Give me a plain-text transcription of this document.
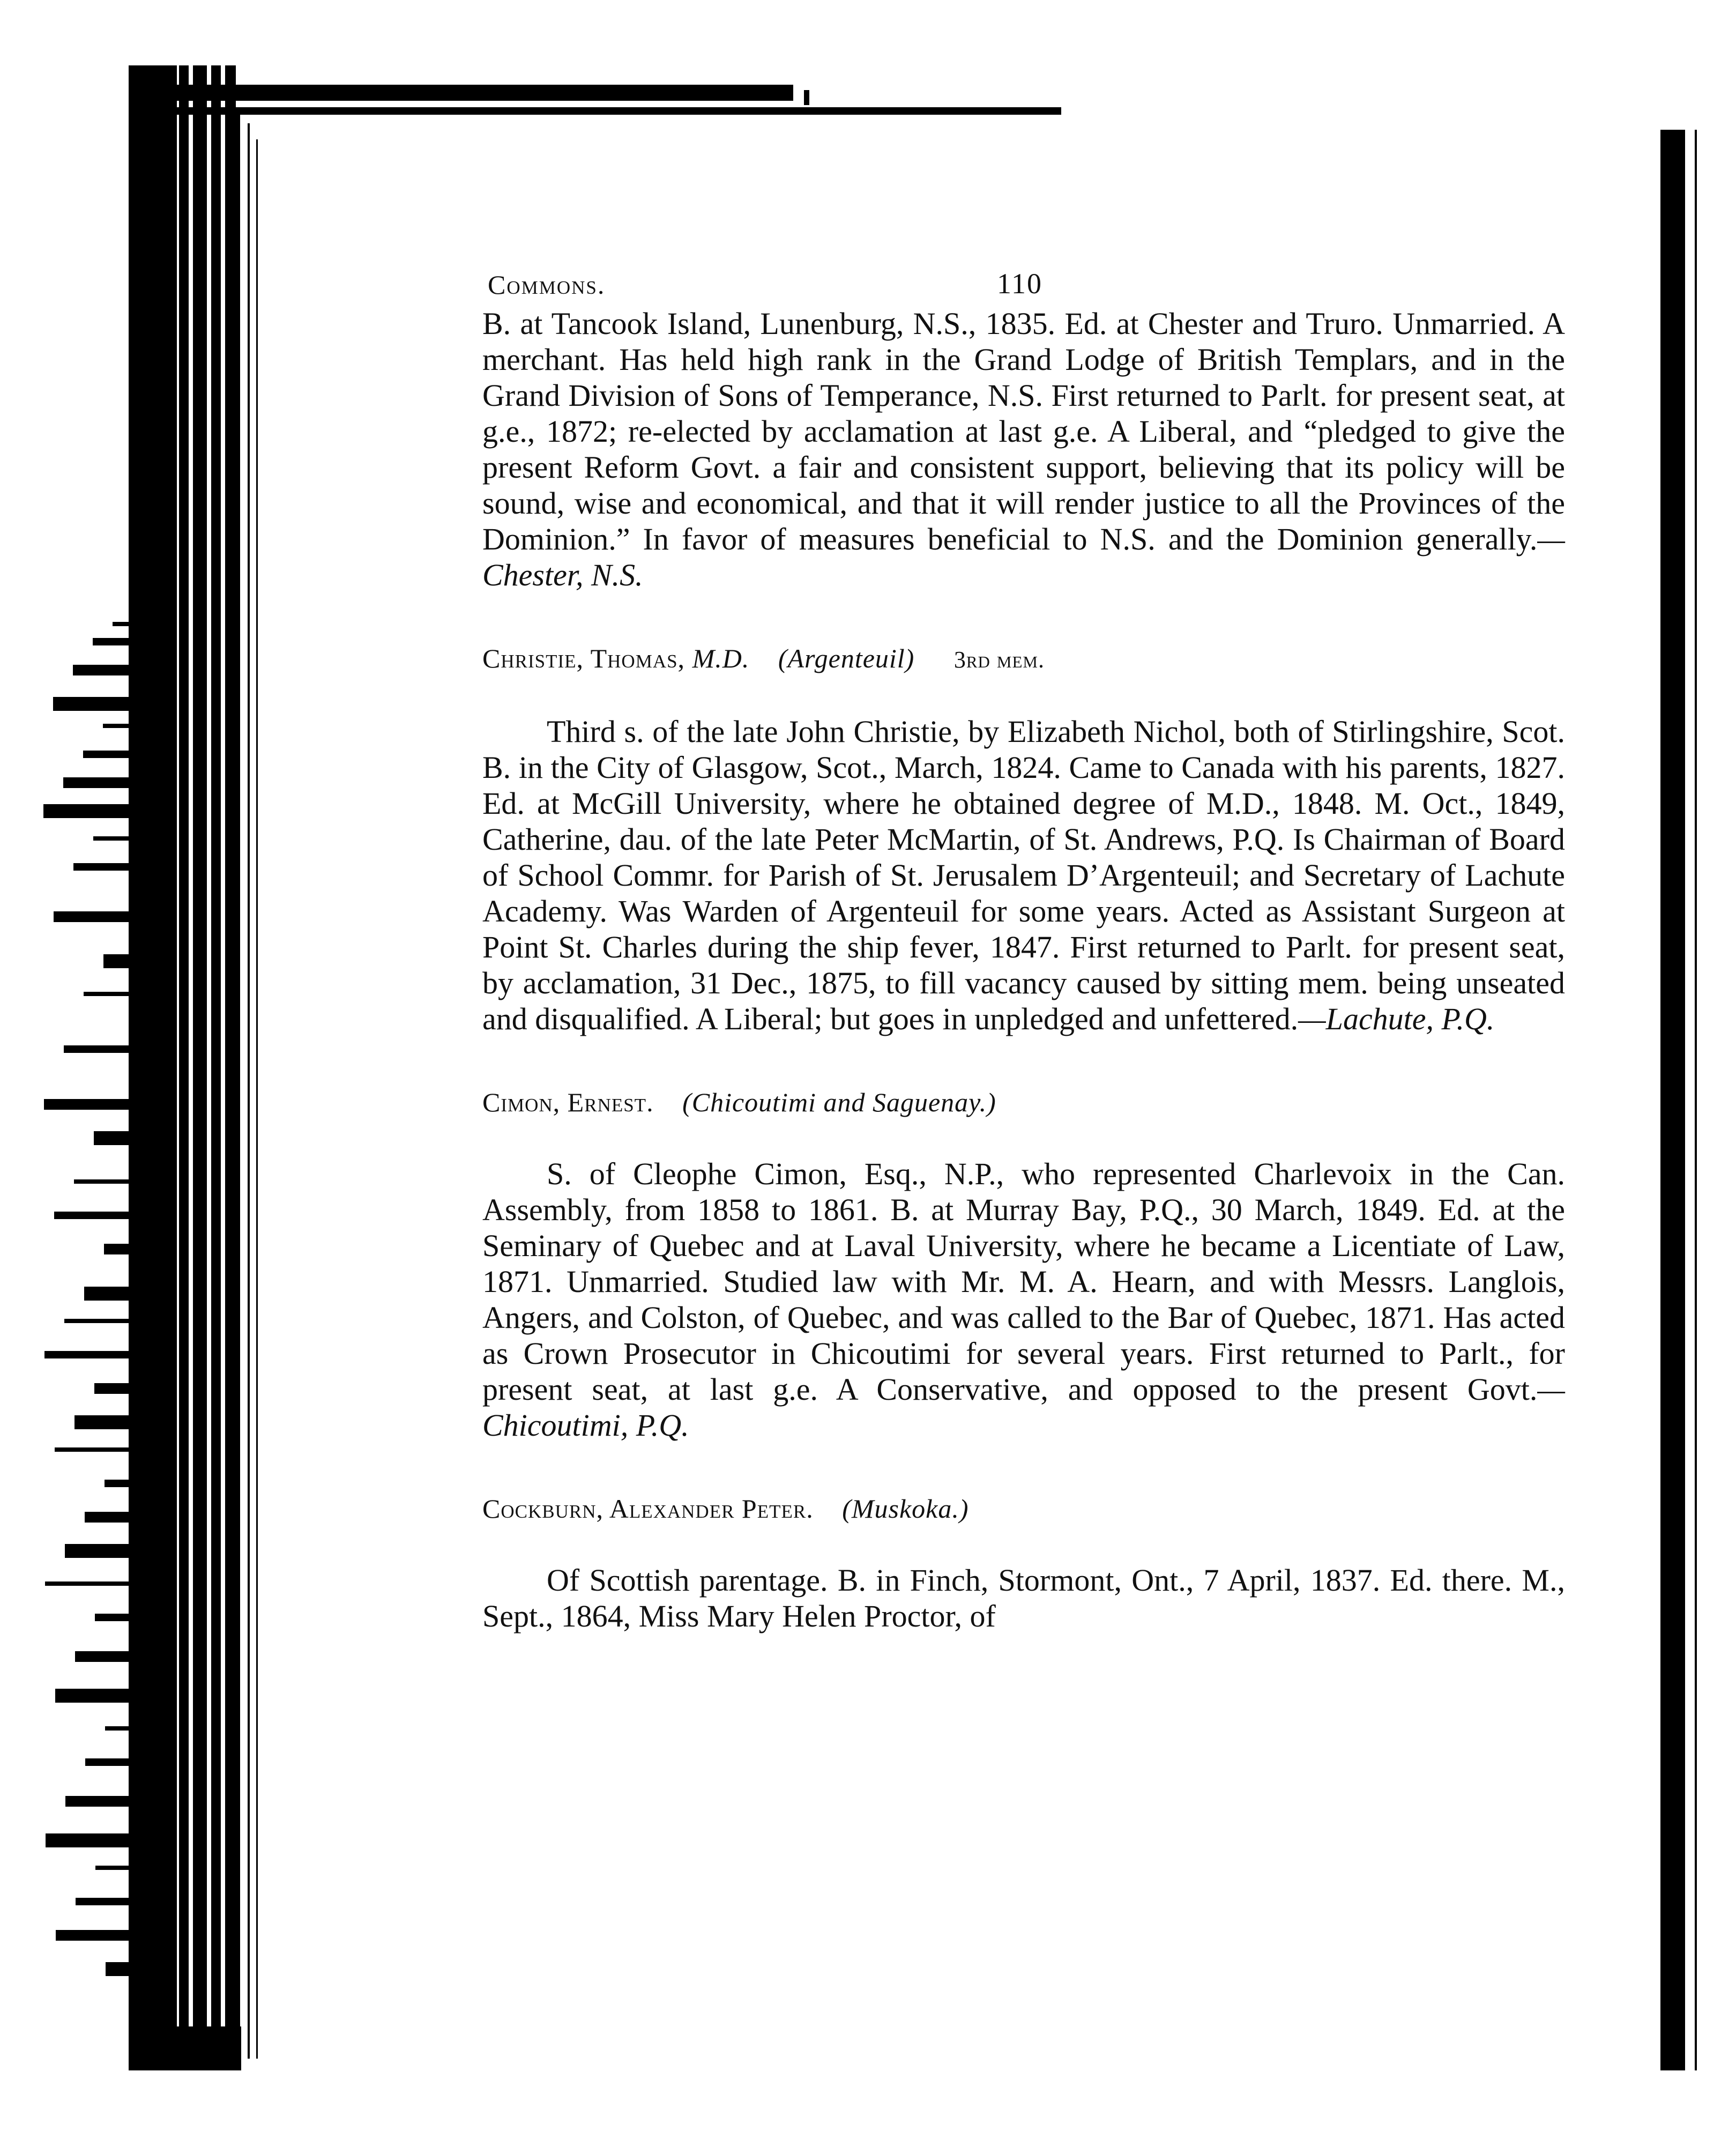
Commons.	110

B. at Tancook Island, Lunenburg, N.S., 1835. Ed. at Chester and Truro. Unmarried. A merchant. Has held high rank in the Grand Lodge of British Templars, and in the Grand Division of Sons of Temperance, N.S. First returned to Parlt. for present seat, at g.e., 1872; re-elected by acclamation at last g.e. A Liberal, and “pledged to give the present Reform Govt. a fair and consistent support, believing that its policy will be sound, wise and economical, and that it will render justice to all the Provinces of the Dominion.” In favor of measures beneficial to N.S. and the Dominion generally.—Chester, N.S.

Christie, Thomas, M.D. (Argenteuil) 3rd mem.

Third s. of the late John Christie, by Elizabeth Nichol, both of Stirlingshire, Scot. B. in the City of Glasgow, Scot., March, 1824. Came to Canada with his parents, 1827. Ed. at McGill University, where he obtained degree of M.D., 1848. M. Oct., 1849, Catherine, dau. of the late Peter McMartin, of St. Andrews, P.Q. Is Chairman of Board of School Commr. for Parish of St. Jerusalem D’Argenteuil; and Secretary of Lachute Academy. Was Warden of Argenteuil for some years. Acted as Assistant Surgeon at Point St. Charles during the ship fever, 1847. First returned to Parlt. for present seat, by acclamation, 31 Dec., 1875, to fill vacancy caused by sitting mem. being unseated and disqualified. A Liberal; but goes in unpledged and unfettered.—Lachute, P.Q.

Cimon, Ernest. (Chicoutimi and Saguenay.)

S. of Cleophe Cimon, Esq., N.P., who represented Charlevoix in the Can. Assembly, from 1858 to 1861. B. at Murray Bay, P.Q., 30 March, 1849. Ed. at the Seminary of Quebec and at Laval University, where he became a Licentiate of Law, 1871. Unmarried. Studied law with Mr. M. A. Hearn, and with Messrs. Langlois, Angers, and Colston, of Quebec, and was called to the Bar of Quebec, 1871. Has acted as Crown Prosecutor in Chicoutimi for several years. First returned to Parlt., for present seat, at last g.e. A Conservative, and opposed to the present Govt.—Chicoutimi, P.Q.

Cockburn, Alexander Peter. (Muskoka.)

Of Scottish parentage. B. in Finch, Stormont, Ont., 7 April, 1837. Ed. there. M., Sept., 1864, Miss Mary Helen Proctor, of
